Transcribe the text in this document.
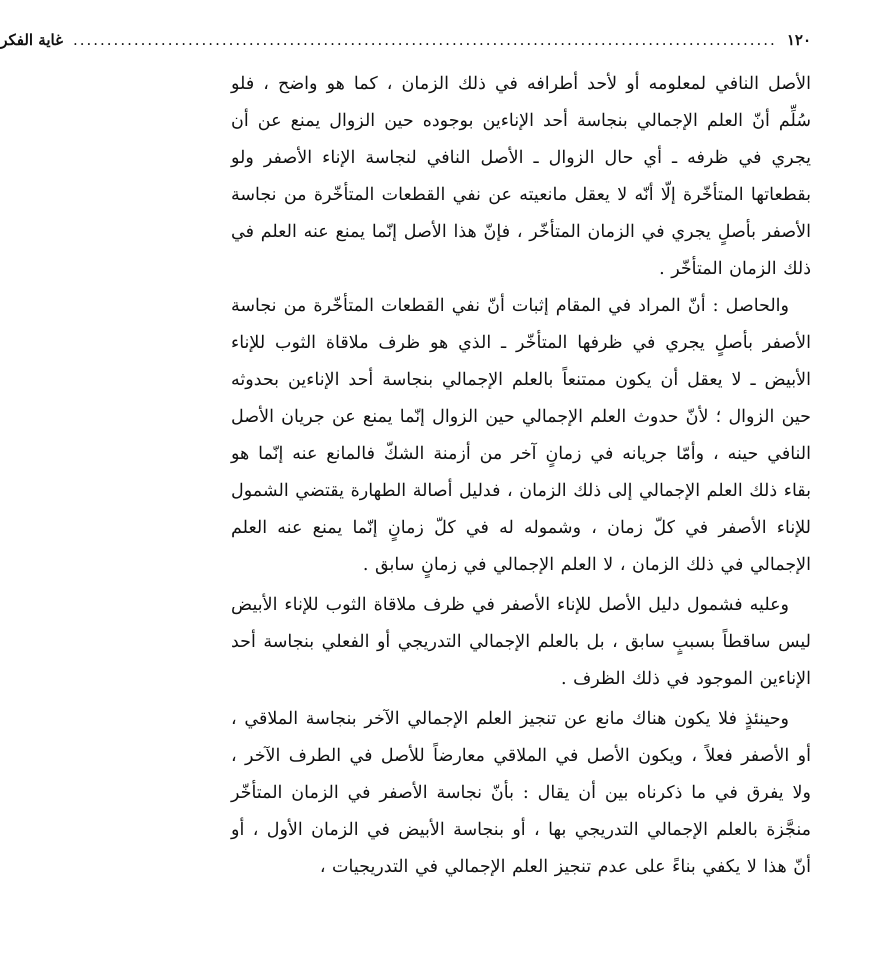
١٢٠
........................................................................................................
غاية الفكر

الأصل النافي لمعلومه أو لأحد أطرافه في ذلك الزمان ، كما هو واضح ، فلو سُلِّم أنّ العلم الإجمالي بنجاسة أحد الإناءين بوجوده حين الزوال يمنع عن أن يجري في ظرفه ـ أي حال الزوال ـ الأصل النافي لنجاسة الإناء الأصفر ولو بقطعاتها المتأخّرة إلّا أنّه لا يعقل مانعيته عن نفي القطعات المتأخّرة من نجاسة الأصفر بأصلٍ يجري في الزمان المتأخّر ، فإنّ هذا الأصل إنّما يمنع عنه العلم في ذلك الزمان المتأخّر .

والحاصل : أنّ المراد في المقام إثبات أنّ نفي القطعات المتأخّرة من نجاسة الأصفر بأصلٍ يجري في ظرفها المتأخّر ـ الذي هو ظرف ملاقاة الثوب للإناء الأبيض ـ لا يعقل أن يكون ممتنعاً بالعلم الإجمالي بنجاسة أحد الإناءين بحدوثه حين الزوال ؛ لأنّ حدوث العلم الإجمالي حين الزوال إنّما يمنع عن جريان الأصل النافي حينه ، وأمّا جريانه في زمانٍ آخر من أزمنة الشكّ فالمانع عنه إنّما هو بقاء ذلك العلم الإجمالي إلى ذلك الزمان ، فدليل أصالة الطهارة يقتضي الشمول للإناء الأصفر في كلّ زمان ، وشموله له في كلّ زمانٍ إنّما يمنع عنه العلم الإجمالي في ذلك الزمان ، لا العلم الإجمالي في زمانٍ سابق .

وعليه فشمول دليل الأصل للإناء الأصفر في ظرف ملاقاة الثوب للإناء الأبيض ليس ساقطاً بسببٍ سابق ، بل بالعلم الإجمالي التدريجي أو الفعلي بنجاسة أحد الإناءين الموجود في ذلك الظرف .

وحينئذٍ فلا يكون هناك مانع عن تنجيز العلم الإجمالي الآخر بنجاسة الملاقي ، أو الأصفر فعلاً ، ويكون الأصل في الملاقي معارضاً للأصل في الطرف الآخر ، ولا يفرق في ما ذكرناه بين أن يقال : بأنّ نجاسة الأصفر في الزمان المتأخّر منجَّزة بالعلم الإجمالي التدريجي بها ، أو بنجاسة الأبيض في الزمان الأول ، أو أنّ هذا لا يكفي بناءً على عدم تنجيز العلم الإجمالي في التدريجيات ،
